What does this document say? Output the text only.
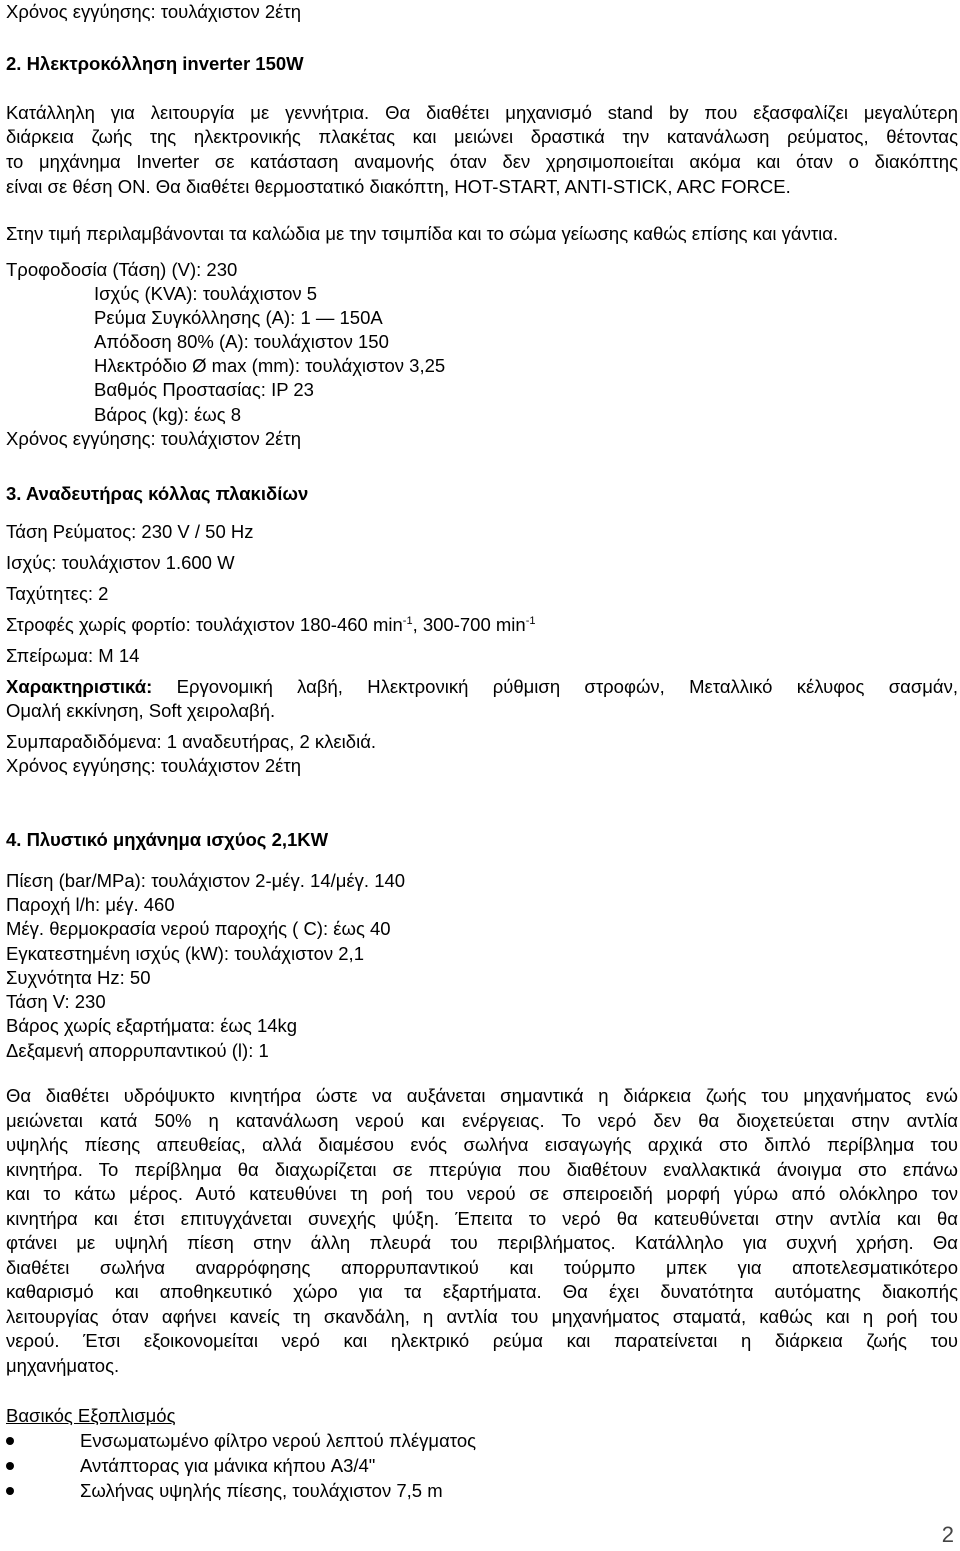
Χρόνος εγγύησης: τουλάχιστον 2έτη
2. Ηλεκτροκόλληση inverter 150W
Κατάλληλη για λειτουργία με γεννήτρια. Θα διαθέτει μηχανισμό stand by που εξασφαλίζει μεγαλύτερη
διάρκεια ζωής της ηλεκτρονικής πλακέτας και μειώνει δραστικά την κατανάλωση ρεύματος, θέτοντας
το μηχάνημα Inverter σε κατάσταση αναμονής όταν δεν χρησιμοποιείται ακόμα και όταν ο διακόπτης
είναι σε θέση ON. Θα διαθέτει θερμοστατικό διακόπτη, HOT-START, ANTI-STICK, ARC FORCE.
Στην τιμή περιλαμβάνονται τα καλώδια με την τσιμπίδα και το σώμα γείωσης καθώς επίσης και γάντια.
Τροφοδοσία (Τάση) (V): 230
Ισχύς (KVA): τουλάχιστον 5
Ρεύμα Συγκόλλησης (A): 1 — 150A
Απόδοση 80% (A): τουλάχιστον 150
Ηλεκτρόδιο Ø max (mm): τουλάχιστον 3,25
Βαθμός Προστασίας: IP 23
Βάρος (kg): έως 8
Χρόνος εγγύησης: τουλάχιστον 2έτη
3. Αναδευτήρας κόλλας πλακιδίων
Τάση Ρεύματος: 230 V / 50 Hz
Ισχύς: τουλάχιστον 1.600 W
Ταχύτητες: 2
Στροφές χωρίς φορτίο: τουλάχιστον 180-460 $\min^{-1}$, 300-700 $\min^{-1}$
Σπείρωμα: M 14
Χαρακτηριστικά: Εργονομική λαβή, Ηλεκτρονική ρύθμιση στροφών, Μεταλλικό κέλυφος σασμάν,
Ομαλή εκκίνηση, Soft χειρολαβή.
Συμπαραδιδόμενα: 1 αναδευτήρας, 2 κλειδιά.
Χρόνος εγγύησης: τουλάχιστον 2έτη
4. Πλυστικό μηχάνημα ισχύος 2,1KW
Πίεση (bar/MPa): τουλάχιστον 2-μέγ. 14/μέγ. 140
Παροχή l/h: μέγ. 460
Μέγ. θερμοκρασία νερού παροχής ( C): έως 40
Εγκατεστημένη ισχύς (kW): τουλάχιστον 2,1
Συχνότητα Hz: 50
Τάση V: 230
Βάρος χωρίς εξαρτήματα: έως 14kg
Δεξαμενή απορρυπαντικού (l): 1
Θα διαθέτει υδρόψυκτο κινητήρα ώστε να αυξάνεται σημαντικά η διάρκεια ζωής του μηχανήματος ενώ
μειώνεται κατά 50% η κατανάλωση νερού και ενέργειας. Το νερό δεν θα διοχετεύεται στην αντλία
υψηλής πίεσης απευθείας, αλλά διαμέσου ενός σωλήνα εισαγωγής αρχικά στο διπλό περίβλημα του
κινητήρα. Το περίβλημα θα διαχωρίζεται σε πτερύγια που διαθέτουν εναλλακτικά άνοιγμα στο επάνω
και το κάτω μέρος. Αυτό κατευθύνει τη ροή του νερού σε σπειροειδή μορφή γύρω από ολόκληρο τον
κινητήρα και έτσι επιτυγχάνεται συνεχής ψύξη. Έπειτα το νερό θα κατευθύνεται στην αντλία και θα
φτάνει με υψηλή πίεση στην άλλη πλευρά του περιβλήματος. Κατάλληλο για συχνή χρήση. Θα
διαθέτει σωλήνα αναρρόφησης απορρυπαντικού και τούρμπο μπεκ για αποτελεσματικότερο
καθαρισμό και αποθηκευτικό χώρο για τα εξαρτήματα. Θα έχει δυνατότητα αυτόματης διακοπής
λειτουργίας όταν αφήνει κανείς τη σκανδάλη, η αντλία του μηχανήματος σταματά, καθώς και η ροή του
νερού. Έτσι εξοικονομείται νερό και ηλεκτρικό ρεύμα και παρατείνεται η διάρκεια ζωής του
μηχανήματος.
Βασικός Εξοπλισμός
Ενσωματωμένο φίλτρο νερού λεπτού πλέγματος
Αντάπτορας για μάνικα κήπου A3/4"
Σωλήνας υψηλής πίεσης, τουλάχιστον 7,5 m
2
